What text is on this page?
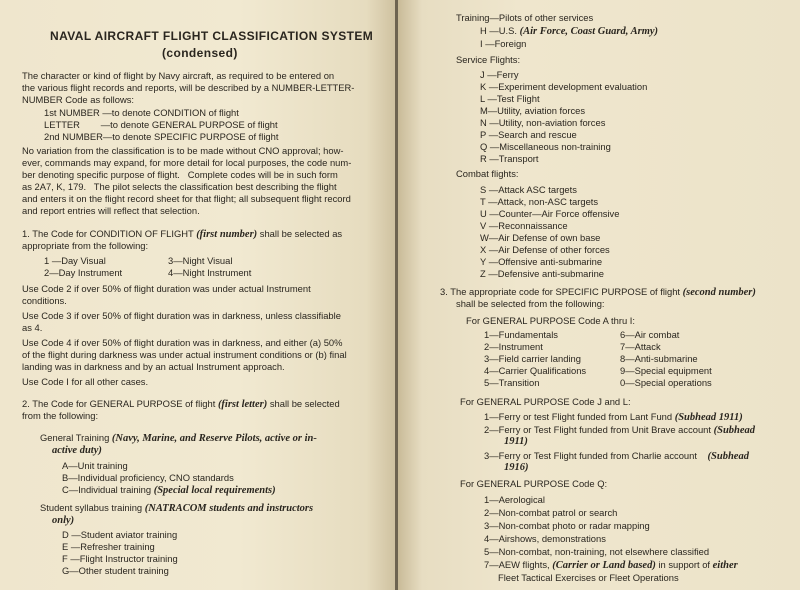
NAVAL AIRCRAFT FLIGHT CLASSIFICATION SYSTEM
(condensed)
The character or kind of flight by Navy aircraft, as required to be entered on
the various flight records and reports, will be described by a NUMBER-LETTER-
NUMBER Code as follows:
1st NUMBER —to denote CONDITION of flight
LETTER        —to denote GENERAL PURPOSE of flight
2nd NUMBER—to denote SPECIFIC PURPOSE of flight
No variation from the classification is to be made without CNO approval; how-
ever, commands may expand, for more detail for local purposes, the code num-
ber denoting specific purpose of flight.   Complete codes will be in such form
as 2A7, K, 179.   The pilot selects the classification best describing the flight
and enters it on the flight record sheet for that flight; all subsequent flight record
and report entries will reflect that selection.
1. The Code for CONDITION OF FLIGHT (first number) shall be selected as
appropriate from the following:
1 —Day Visual	3—Night Visual
2—Day Instrument	4—Night Instrument
Use Code 2 if over 50% of flight duration was under actual Instrument
conditions.
Use Code 3 if over 50% of flight duration was in darkness, unless classifiable
as 4.
Use Code 4 if over 50% of flight duration was in darkness, and either (a) 50%
of the flight during darkness was under actual instrument conditions or (b) final
landing was in darkness and by an actual Instrument approach.
Use Code I for all other cases.
2. The Code for GENERAL PURPOSE of flight (first letter) shall be selected
from the following:
General Training (Navy, Marine, and Reserve Pilots, active or in-
active duty)
A—Unit training
B—Individual proficiency, CNO standards
C—Individual training (Special local requirements)
Student syllabus training (NATRACOM students and instructors
only)
D —Student aviator training
E —Refresher training
F —Flight Instructor training
G—Other student training
Training—Pilots of other services
H —U.S. (Air Force, Coast Guard, Army)
I —Foreign
Service Flights:
J —Ferry
K —Experiment development evaluation
L —Test Flight
M—Utility, aviation forces
N —Utility, non-aviation forces
P —Search and rescue
Q —Miscellaneous non-training
R —Transport
Combat flights:
S —Attack ASC targets
T —Attack, non-ASC targets
U —Counter—Air Force offensive
V —Reconnaissance
W—Air Defense of own base
X —Air Defense of other forces
Y —Offensive anti-submarine
Z —Defensive anti-submarine
3. The appropriate code for SPECIFIC PURPOSE of flight (second number)
shall be selected from the following:
For GENERAL PURPOSE Code A thru I:
1—Fundamentals
2—Instrument
3—Field carrier landing
4—Carrier Qualifications
5—Transition
6—Air combat
7—Attack
8—Anti-submarine
9—Special equipment
0—Special operations
For GENERAL PURPOSE Code J and L:
1—Ferry or test Flight funded from Lant Fund (Subhead 1911)
2—Ferry or Test Flight funded from Unit Brave account (Subhead
1911)
3—Ferry or Test Flight funded from Charlie account (Subhead
1916)
For GENERAL PURPOSE Code Q:
1—Aerological
2—Non-combat patrol or search
3—Non-combat photo or radar mapping
4—Airshows, demonstrations
5—Non-combat, non-training, not elsewhere classified
7—AEW flights, (Carrier or Land based) in support of either
Fleet Tactical Exercises or Fleet Operations
